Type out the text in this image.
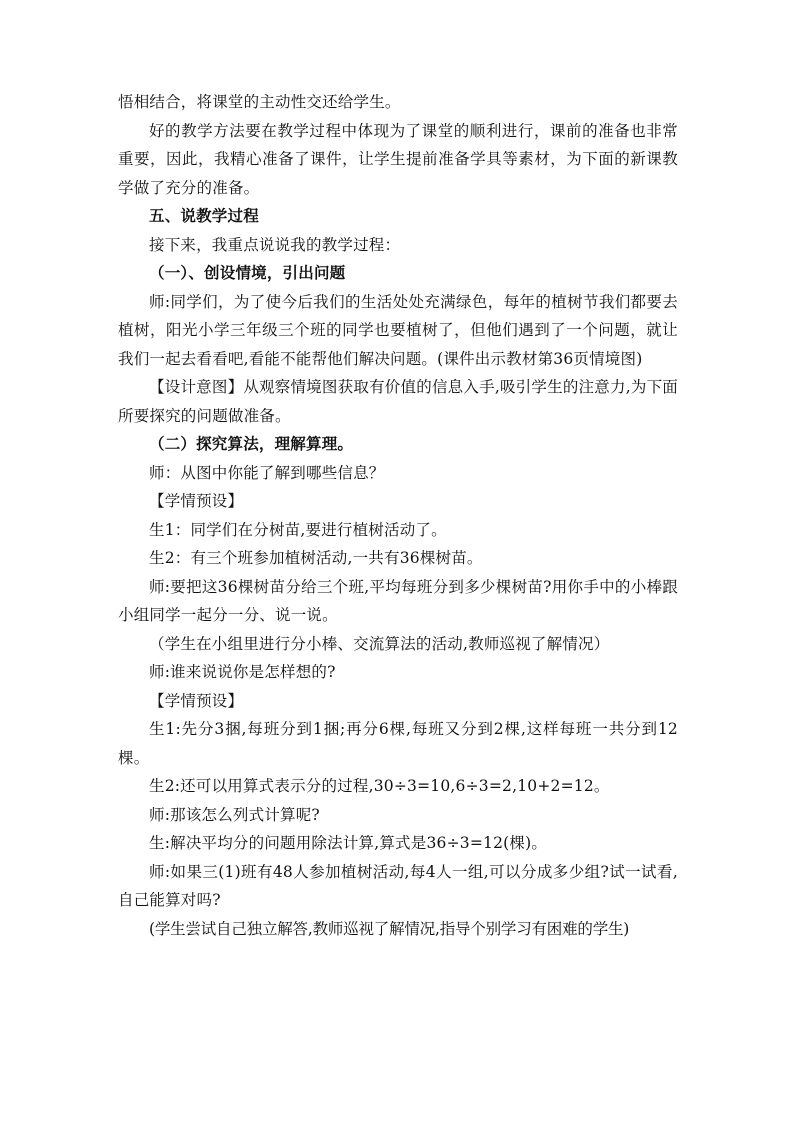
悟相结合，将课堂的主动性交还给学生。

好的教学方法要在教学过程中体现为了课堂的顺利进行，课前的准备也非常重要，因此，我精心准备了课件，让学生提前准备学具等素材，为下面的新课教学做了充分的准备。

五、说教学过程

接下来，我重点说说我的教学过程：

（一）、创设情境，引出问题

师:同学们，为了使今后我们的生活处处充满绿色，每年的植树节我们都要去植树，阳光小学三年级三个班的同学也要植树了，但他们遇到了一个问题，就让我们一起去看看吧,看能不能帮他们解决问题。(课件出示教材第36页情境图)

【设计意图】从观察情境图获取有价值的信息入手,吸引学生的注意力,为下面所要探究的问题做准备。

（二）探究算法，理解算理。

师：从图中你能了解到哪些信息？

【学情预设】

生1：同学们在分树苗,要进行植树活动了。

生2：有三个班参加植树活动,一共有36棵树苗。

师:要把这36棵树苗分给三个班,平均每班分到多少棵树苗?用你手中的小棒跟小组同学一起分一分、说一说。

（学生在小组里进行分小棒、交流算法的活动,教师巡视了解情况）

师:谁来说说你是怎样想的?

【学情预设】

生1:先分3捆,每班分到1捆;再分6棵,每班又分到2棵,这样每班一共分到12棵。

生2:还可以用算式表示分的过程,30÷3=10,6÷3=2,10+2=12。

师:那该怎么列式计算呢?

生:解决平均分的问题用除法计算,算式是36÷3=12(棵)。

师:如果三(1)班有48人参加植树活动,每4人一组,可以分成多少组?试一试看,自己能算对吗?

(学生尝试自己独立解答,教师巡视了解情况,指导个别学习有困难的学生)
